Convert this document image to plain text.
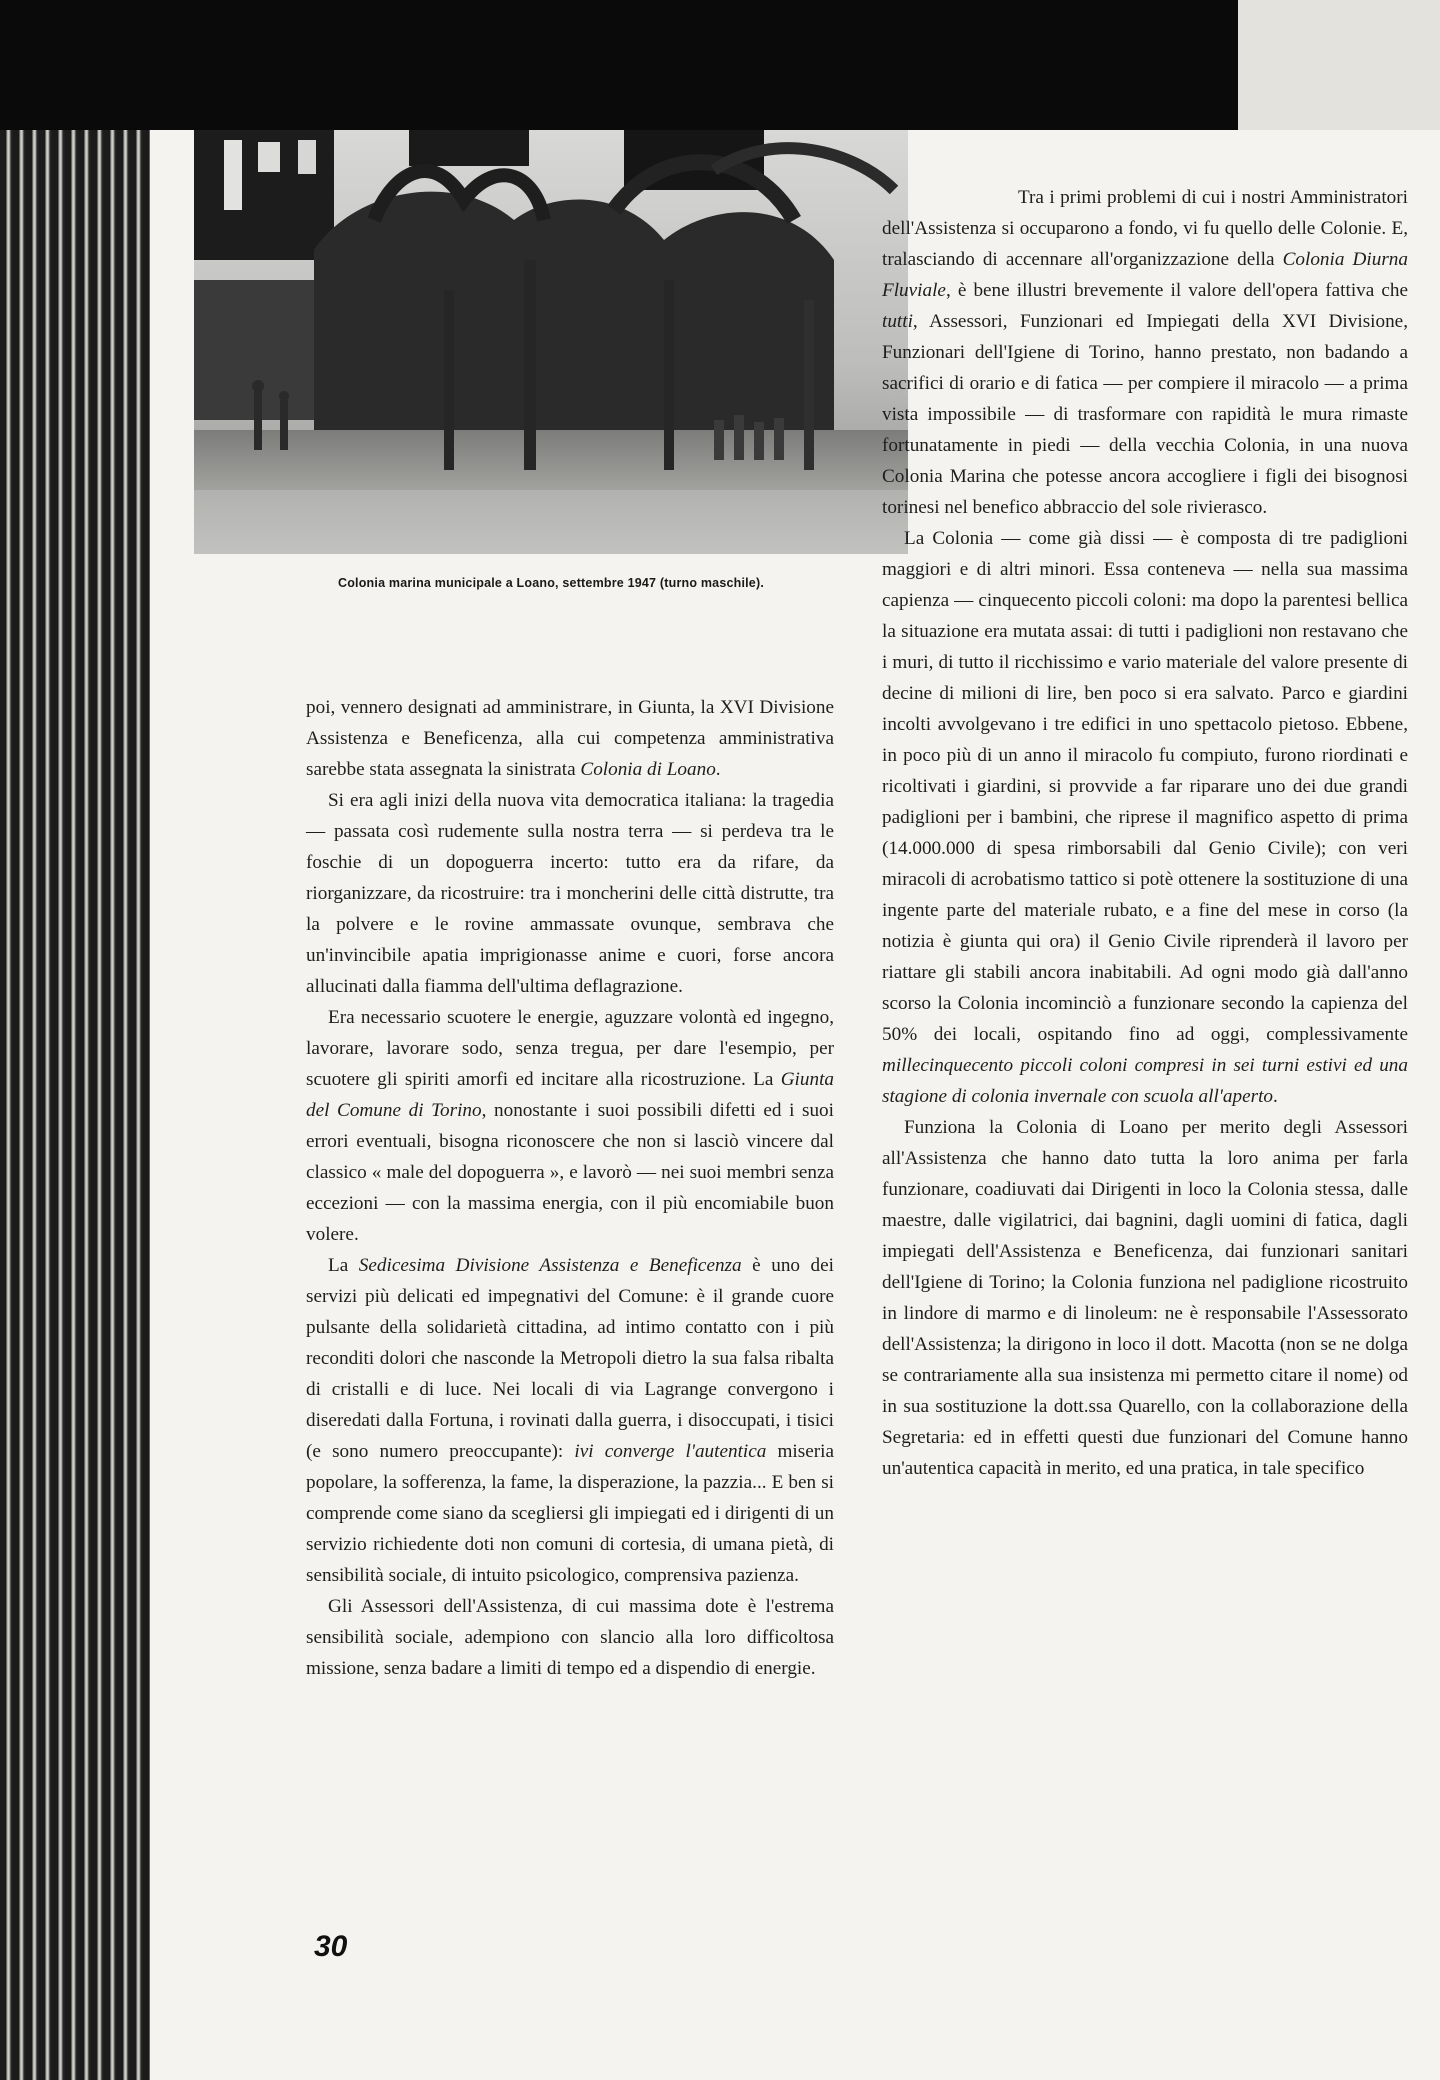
Colonia marina municipale a Loano, settembre 1947 (turno maschile).

poi, vennero designati ad amministrare, in Giunta, la XVI Divisione Assistenza e Beneficenza, alla cui competenza amministrativa sarebbe stata assegnata la sinistrata Colonia di Loano.

Si era agli inizi della nuova vita democratica italiana: la tragedia — passata così rudemente sulla nostra terra — si perdeva tra le foschie di un dopoguerra incerto: tutto era da rifare, da riorganizzare, da ricostruire: tra i moncherini delle città distrutte, tra la polvere e le rovine ammassate ovunque, sembrava che un'invincibile apatia imprigionasse anime e cuori, forse ancora allucinati dalla fiamma dell'ultima deflagrazione.

Era necessario scuotere le energie, aguzzare volontà ed ingegno, lavorare, lavorare sodo, senza tregua, per dare l'esempio, per scuotere gli spiriti amorfi ed incitare alla ricostruzione. La Giunta del Comune di Torino, nonostante i suoi possibili difetti ed i suoi errori eventuali, bisogna riconoscere che non si lasciò vincere dal classico « male del dopoguerra », e lavorò — nei suoi membri senza eccezioni — con la massima energia, con il più encomiabile buon volere.

La Sedicesima Divisione Assistenza e Beneficenza è uno dei servizi più delicati ed impegnativi del Comune: è il grande cuore pulsante della solidarietà cittadina, ad intimo contatto con i più reconditi dolori che nasconde la Metropoli dietro la sua falsa ribalta di cristalli e di luce. Nei locali di via Lagrange convergono i diseredati dalla Fortuna, i rovinati dalla guerra, i disoccupati, i tisici (e sono numero preoccupante): ivi converge l'autentica miseria popolare, la sofferenza, la fame, la disperazione, la pazzia... E ben si comprende come siano da scegliersi gli impiegati ed i dirigenti di un servizio richiedente doti non comuni di cortesia, di umana pietà, di sensibilità sociale, di intuito psicologico, comprensiva pazienza.

Gli Assessori dell'Assistenza, di cui massima dote è l'estrema sensibilità sociale, adempiono con slancio alla loro difficoltosa missione, senza badare a limiti di tempo ed a dispendio di energie.

Tra i primi problemi di cui i nostri Amministratori dell'Assistenza si occuparono a fondo, vi fu quello delle Colonie. E, tralasciando di accennare all'organizzazione della Colonia Diurna Fluviale, è bene illustri brevemente il valore dell'opera fattiva che tutti, Assessori, Funzionari ed Impiegati della XVI Divisione, Funzionari dell'Igiene di Torino, hanno prestato, non badando a sacrifici di orario e di fatica — per compiere il miracolo — a prima vista impossibile — di trasformare con rapidità le mura rimaste fortunatamente in piedi — della vecchia Colonia, in una nuova Colonia Marina che potesse ancora accogliere i figli dei bisognosi torinesi nel benefico abbraccio del sole rivierasco.

La Colonia — come già dissi — è composta di tre padiglioni maggiori e di altri minori. Essa conteneva — nella sua massima capienza — cinquecento piccoli coloni: ma dopo la parentesi bellica la situazione era mutata assai: di tutti i padiglioni non restavano che i muri, di tutto il ricchissimo e vario materiale del valore presente di decine di milioni di lire, ben poco si era salvato. Parco e giardini incolti avvolgevano i tre edifici in uno spettacolo pietoso. Ebbene, in poco più di un anno il miracolo fu compiuto, furono riordinati e ricoltivati i giardini, si provvide a far riparare uno dei due grandi padiglioni per i bambini, che riprese il magnifico aspetto di prima (14.000.000 di spesa rimborsabili dal Genio Civile); con veri miracoli di acrobatismo tattico si potè ottenere la sostituzione di una ingente parte del materiale rubato, e a fine del mese in corso (la notizia è giunta qui ora) il Genio Civile riprenderà il lavoro per riattare gli stabili ancora inabitabili. Ad ogni modo già dall'anno scorso la Colonia incominciò a funzionare secondo la capienza del 50% dei locali, ospitando fino ad oggi, complessivamente millecinquecento piccoli coloni compresi in sei turni estivi ed una stagione di colonia invernale con scuola all'aperto.

Funziona la Colonia di Loano per merito degli Assessori all'Assistenza che hanno dato tutta la loro anima per farla funzionare, coadiuvati dai Dirigenti in loco la Colonia stessa, dalle maestre, dalle vigilatrici, dai bagnini, dagli uomini di fatica, dagli impiegati dell'Assistenza e Beneficenza, dai funzionari sanitari dell'Igiene di Torino; la Colonia funziona nel padiglione ricostruito in lindore di marmo e di linoleum: ne è responsabile l'Assessorato dell'Assistenza; la dirigono in loco il dott. Macotta (non se ne dolga se contrariamente alla sua insistenza mi permetto citare il nome) od in sua sostituzione la dott.ssa Quarello, con la collaborazione della Segretaria: ed in effetti questi due funzionari del Comune hanno un'autentica capacità in merito, ed una pratica, in tale specifico

30
